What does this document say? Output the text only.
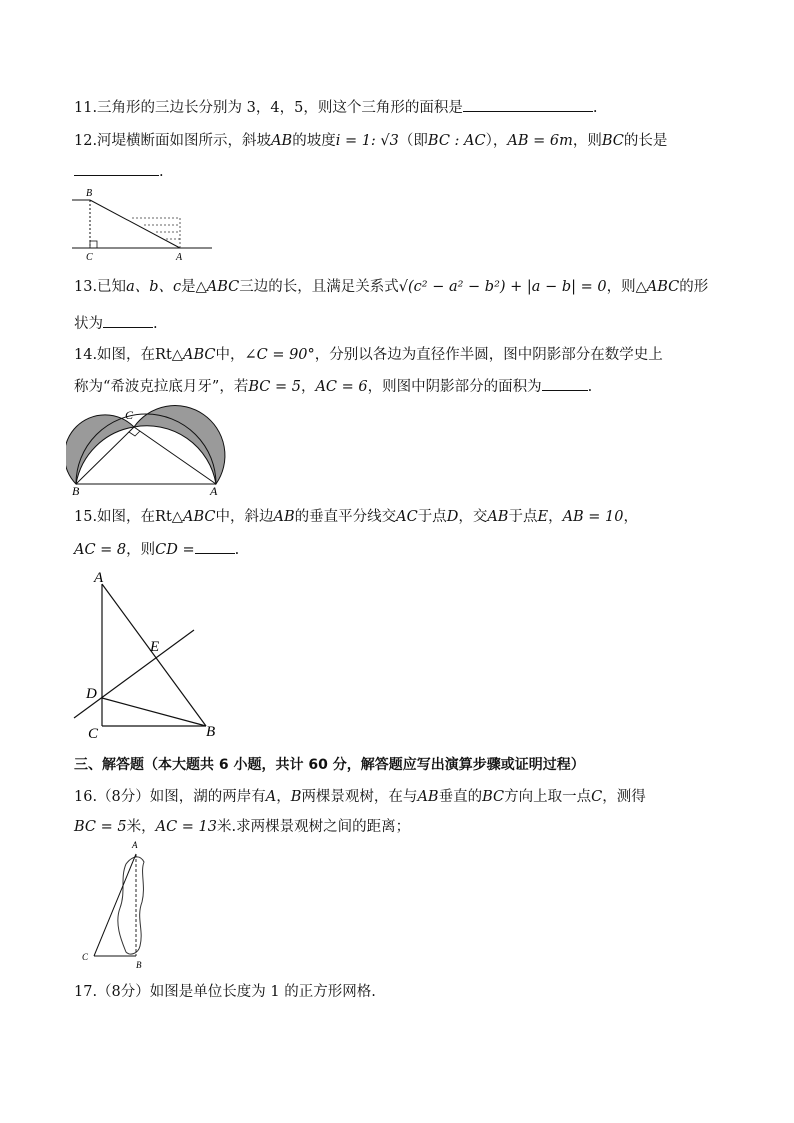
11.三角形的三边长分别为 3，4，5，则这个三角形的面积是	.
12.河堤横断面如图所示，斜坡AB的坡度i = 1: √3（即BC : AC），AB = 6m，则BC的长是
.
B
C	A
13.已知a、b、c是△ABC三边的长，且满足关系式√(c² − a² − b²) + |a − b| = 0，则△ABC的形
状为	.
14.如图，在Rt△ABC中，∠C = 90°，分别以各边为直径作半圆，图中阴影部分在数学史上
称为“希波克拉底月牙”，若BC = 5，AC = 6，则图中阴影部分的面积为	.
C
B	A
15.如图，在Rt△ABC中，斜边AB的垂直平分线交AC于点D，交AB于点E，AB = 10，
AC = 8，则CD =	.
A
E
D
C	B
三、解答题（本大题共 6 小题，共计 60 分，解答题应写出演算步骤或证明过程）
16.（8分）如图，湖的两岸有A，B两棵景观树，在与AB垂直的BC方向上取一点C，测得
BC = 5米，AC = 13米.求两棵景观树之间的距离；
A
C
B
17.（8分）如图是单位长度为 1 的正方形网格.
